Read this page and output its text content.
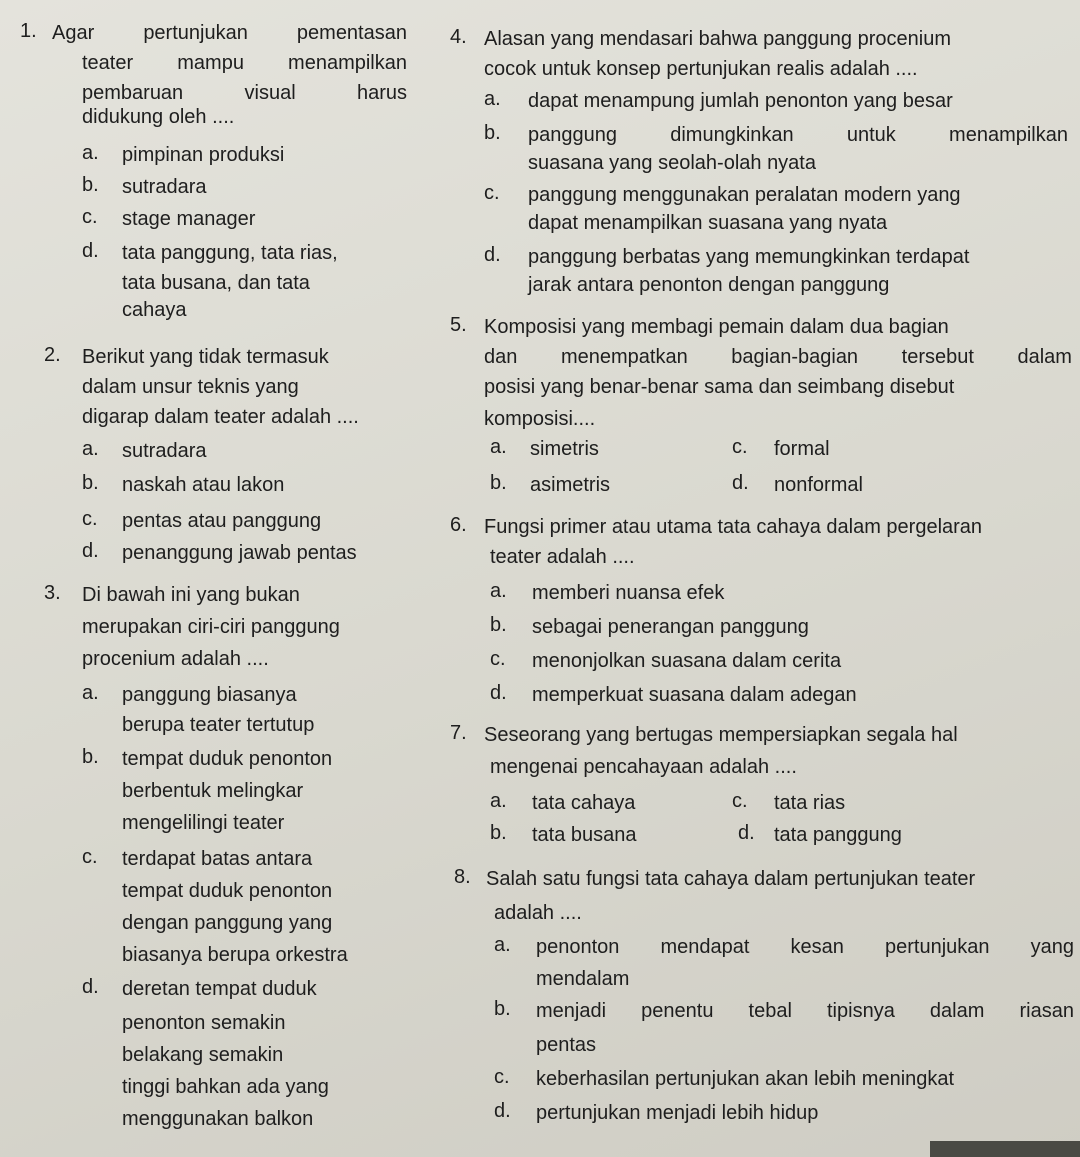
1. Agar pertunjukan pementasan
teater mampu menampilkan
pembaruan	visual	harus
didukung oleh ....
a. pimpinan produksi
b. sutradara
c. stage manager
d. tata panggung, tata rias,
tata busana, dan tata
cahaya
2. Berikut yang tidak termasuk
dalam unsur teknis yang
digarap dalam teater adalah ....
a. sutradara
b. naskah atau lakon
c. pentas atau panggung
d. penanggung jawab pentas
3. Di bawah ini yang bukan
merupakan ciri-ciri panggung
procenium adalah ....
a. panggung biasanya
berupa teater tertutup
b. tempat duduk penonton
berbentuk melingkar
mengelilingi teater
c. terdapat batas antara
tempat duduk penonton
dengan panggung yang
biasanya berupa orkestra
d. deretan tempat duduk
penonton semakin
belakang semakin
tinggi bahkan ada yang
menggunakan balkon
4. Alasan yang mendasari bahwa panggung procenium
cocok untuk konsep pertunjukan realis adalah ....
a. dapat menampung jumlah penonton yang besar
b. panggung	dimungkinkan	untuk	menampilkan
suasana yang seolah-olah nyata
c. panggung menggunakan peralatan modern yang
dapat menampilkan suasana yang nyata
d. panggung berbatas yang memungkinkan terdapat
jarak antara penonton dengan panggung
5. Komposisi yang membagi pemain dalam dua bagian
dan menempatkan bagian-bagian tersebut dalam
posisi yang benar-benar sama dan seimbang disebut
komposisi....
a. simetris	c. formal
b. asimetris	d. nonformal
6. Fungsi primer atau utama tata cahaya dalam pergelaran
teater adalah ....
a. memberi nuansa efek
b. sebagai penerangan panggung
c. menonjolkan suasana dalam cerita
d. memperkuat suasana dalam adegan
7. Seseorang yang bertugas mempersiapkan segala hal
mengenai pencahayaan adalah ....
a. tata cahaya	c. tata rias
b. tata busana	d. tata panggung
8. Salah satu fungsi tata cahaya dalam pertunjukan teater
adalah ....
a. penonton mendapat kesan pertunjukan yang
mendalam
b. menjadi penentu tebal tipisnya dalam riasan
pentas
c. keberhasilan pertunjukan akan lebih meningkat
d. pertunjukan menjadi lebih hidup
